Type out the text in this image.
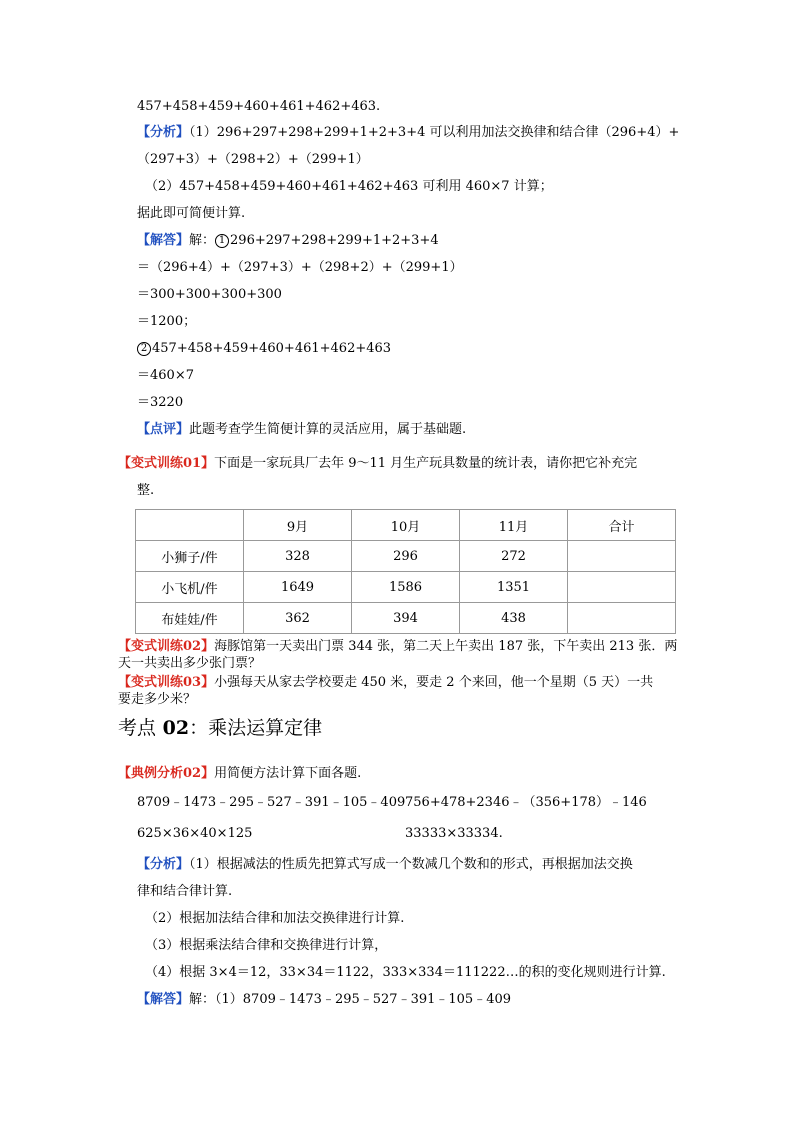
457+458+459+460+461+462+463.
【分析】（1）296+297+298+299+1+2+3+4 可以利用加法交换律和结合律（296+4）+
（297+3）+（298+2）+（299+1）
（2）457+458+459+460+461+462+463 可利用 460×7 计算；
据此即可简便计算.
【解答】解： 1 296+297+298+299+1+2+3+4
＝（296+4）+（297+3）+（298+2）+（299+1）
＝300+300+300+300
＝1200；
2 457+458+459+460+461+462+463
＝460×7
＝3220
【点评】此题考查学生简便计算的灵活应用，属于基础题.
【变式训练01】下面是一家玩具厂去年 9～11 月生产玩具数量的统计表，请你把它补充完
整.
	9月	10月	11月	合计
小狮子/件	328	296	272	
小飞机/件	1649	1586	1351	
布娃娃/件	362	394	438	
【变式训练02】海豚馆第一天卖出门票 344 张，第二天上午卖出 187 张，下午卖出 213 张．两
天一共卖出多少张门票？
【变式训练03】小强每天从家去学校要走 450 米，要走 2 个来回，他一个星期（5 天）一共
要走多少米？
考点 02：乘法运算定律
【典例分析02】用简便方法计算下面各题.
8709﹣1473﹣295﹣527﹣391﹣105﹣409 756+478+2346﹣（356+178）﹣146
625×36×40×125	33333×33334.
【分析】（1）根据减法的性质先把算式写成一个数减几个数和的形式，再根据加法交换
律和结合律计算.
（2）根据加法结合律和加法交换律进行计算.
（3）根据乘法结合律和交换律进行计算，
（4）根据 3×4＝12，33×34＝1122，333×334＝111222…的积的变化规则进行计算.
【解答】解：（1）8709﹣1473﹣295﹣527﹣391﹣105﹣409
